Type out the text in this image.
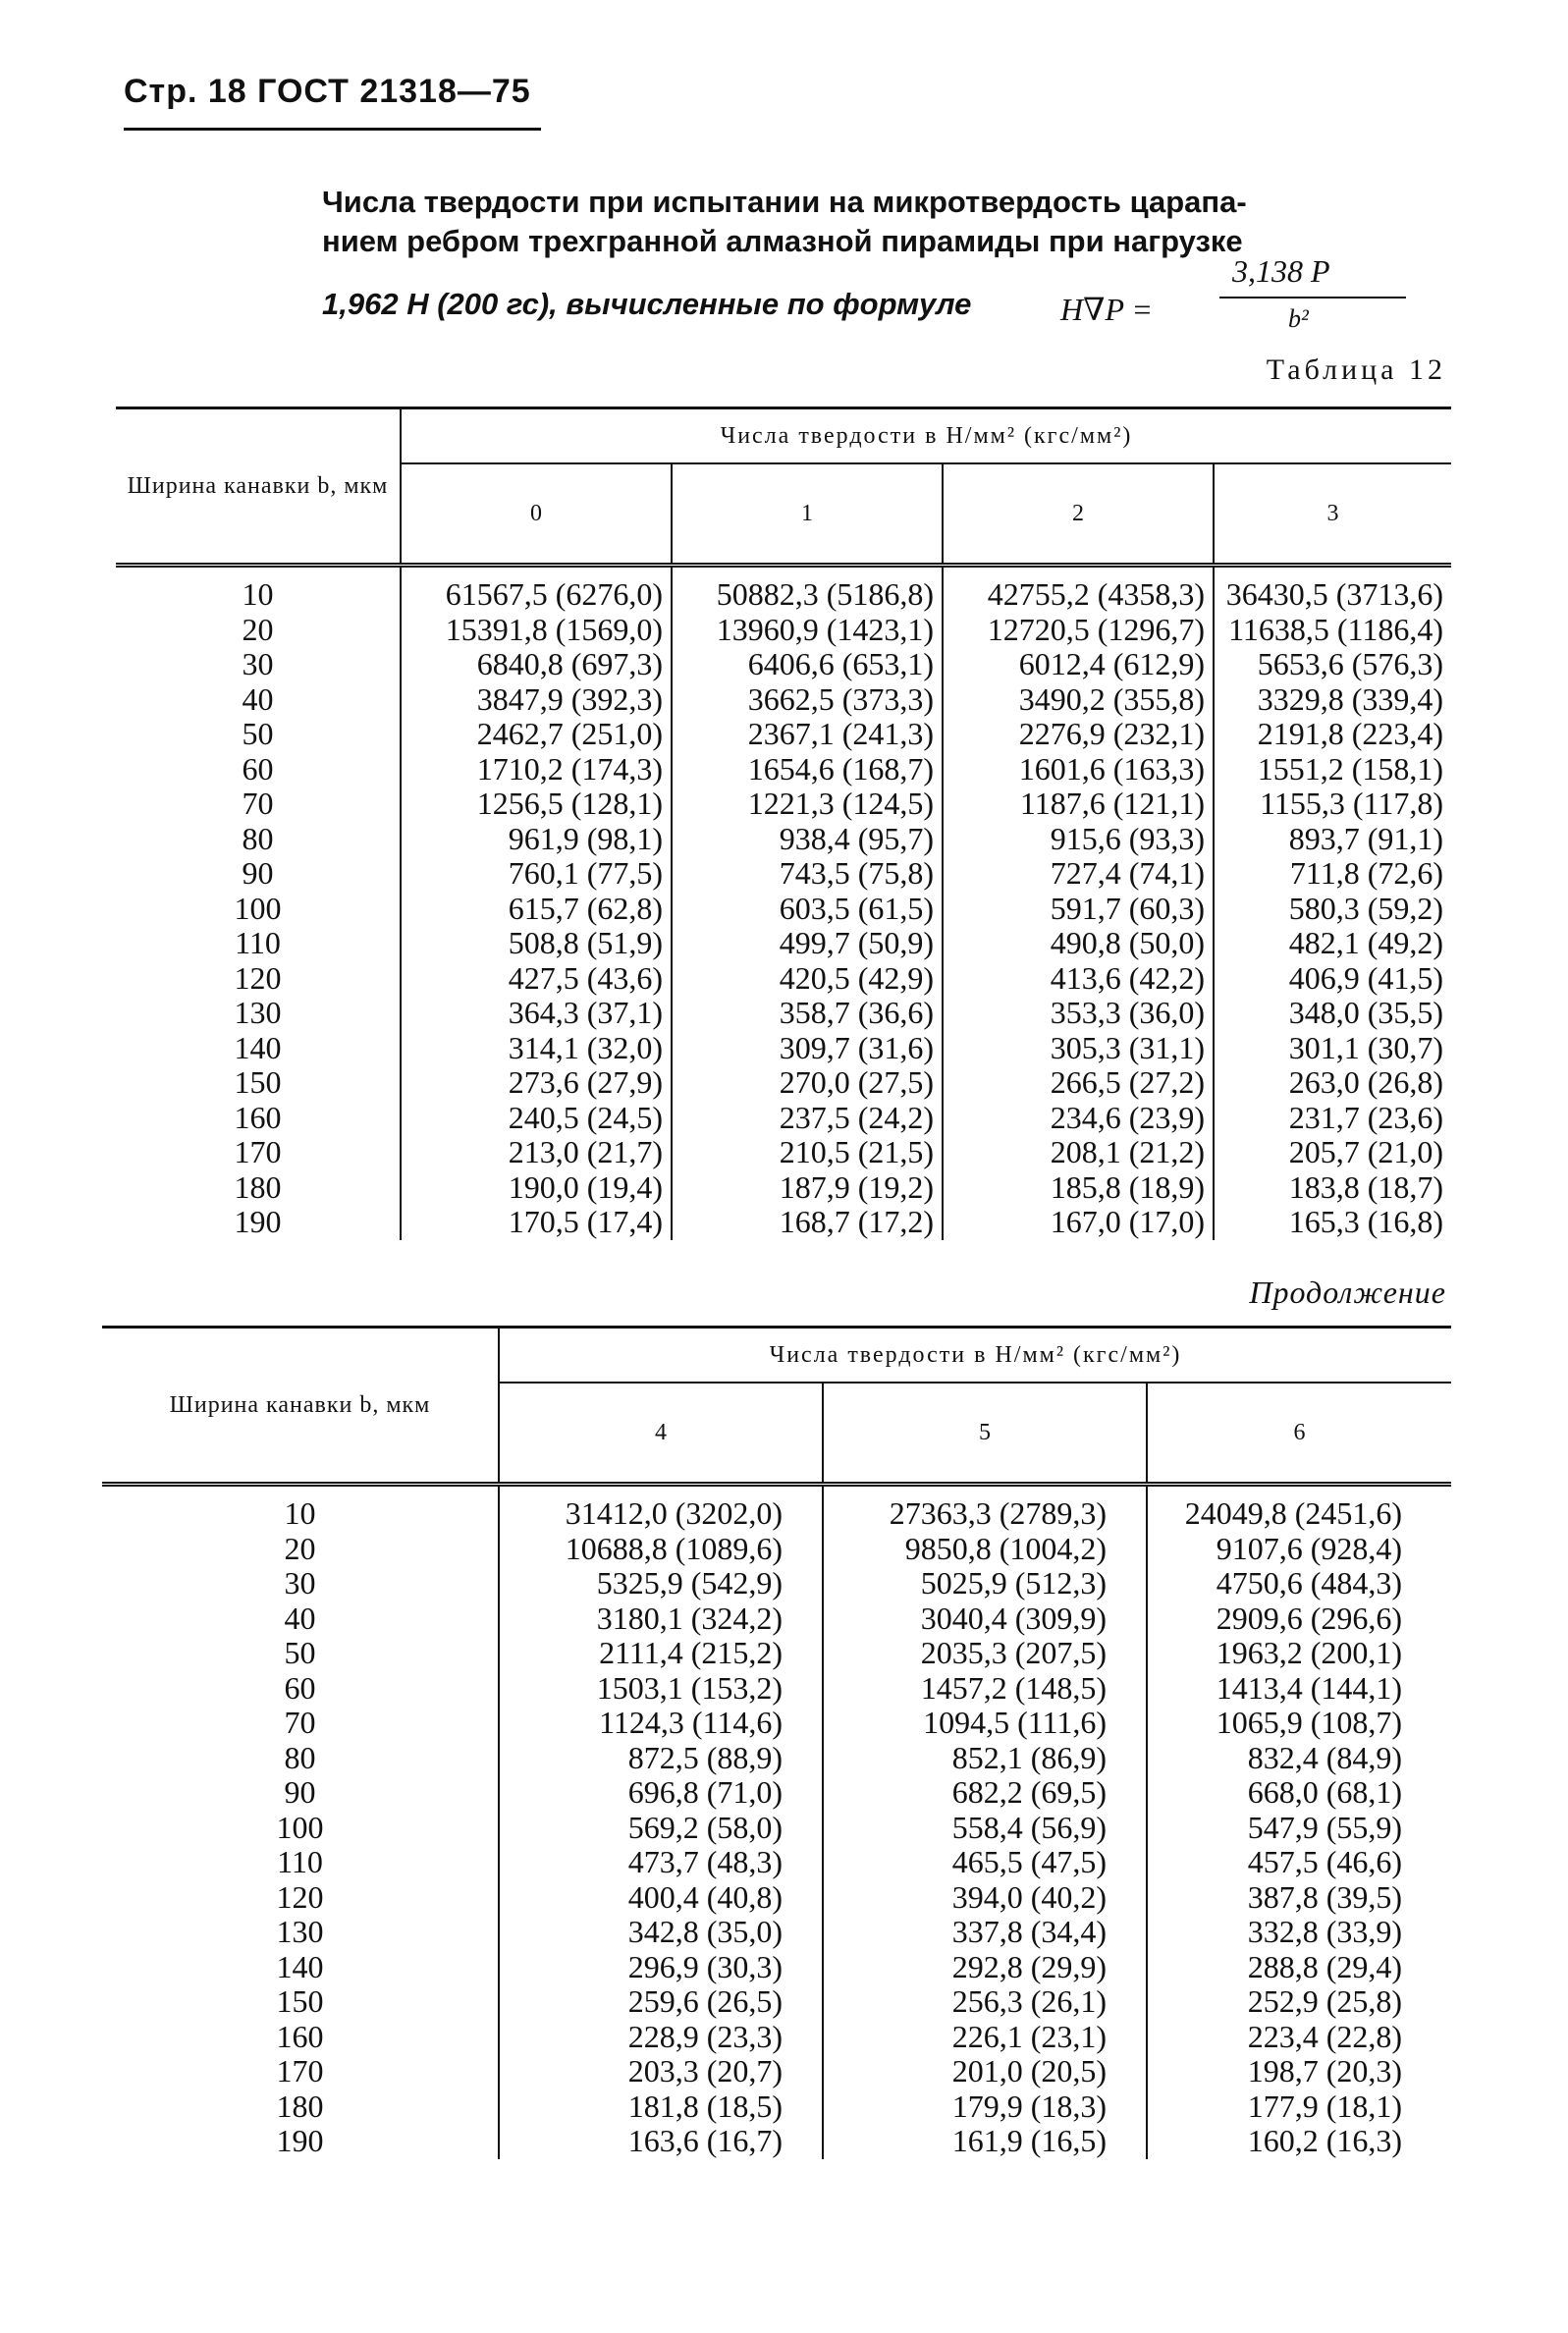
Стр. 18 ГОСТ 21318—75
Числа твердости при испытании на микротвердость царапа-
нием ребром трехгранной алмазной пирамиды при нагрузке
1,962 Н (200 гс), вычисленные по формуле	H∇P =
3,138 P
b²
Таблица 12
Ширина канавки b, мкм	Числа твердости в Н/мм² (кгс/мм²)			
	0	1	2	3

10	61567,5 (6276,0)	50882,3 (5186,8)	42755,2 (4358,3)	36430,5 (3713,6)
20	15391,8 (1569,0)	13960,9 (1423,1)	12720,5 (1296,7)	11638,5 (1186,4)
30	6840,8 (697,3)	6406,6 (653,1)	6012,4 (612,9)	5653,6 (576,3)
40	3847,9 (392,3)	3662,5 (373,3)	3490,2 (355,8)	3329,8 (339,4)
50	2462,7 (251,0)	2367,1 (241,3)	2276,9 (232,1)	2191,8 (223,4)
60	1710,2 (174,3)	1654,6 (168,7)	1601,6 (163,3)	1551,2 (158,1)
70	1256,5 (128,1)	1221,3 (124,5)	1187,6 (121,1)	1155,3 (117,8)
80	961,9 (98,1)	938,4 (95,7)	915,6 (93,3)	893,7 (91,1)
90	760,1 (77,5)	743,5 (75,8)	727,4 (74,1)	711,8 (72,6)
100	615,7 (62,8)	603,5 (61,5)	591,7 (60,3)	580,3 (59,2)
110	508,8 (51,9)	499,7 (50,9)	490,8 (50,0)	482,1 (49,2)
120	427,5 (43,6)	420,5 (42,9)	413,6 (42,2)	406,9 (41,5)
130	364,3 (37,1)	358,7 (36,6)	353,3 (36,0)	348,0 (35,5)
140	314,1 (32,0)	309,7 (31,6)	305,3 (31,1)	301,1 (30,7)
150	273,6 (27,9)	270,0 (27,5)	266,5 (27,2)	263,0 (26,8)
160	240,5 (24,5)	237,5 (24,2)	234,6 (23,9)	231,7 (23,6)
170	213,0 (21,7)	210,5 (21,5)	208,1 (21,2)	205,7 (21,0)
180	190,0 (19,4)	187,9 (19,2)	185,8 (18,9)	183,8 (18,7)
190	170,5 (17,4)	168,7 (17,2)	167,0 (17,0)	165,3 (16,8)
Продолжение
Ширина канавки b, мкм	Числа твердости в Н/мм² (кгс/мм²)		
	4	5	6

10	31412,0 (3202,0)	27363,3 (2789,3)	24049,8 (2451,6)
20	10688,8 (1089,6)	9850,8 (1004,2)	9107,6 (928,4)
30	5325,9 (542,9)	5025,9 (512,3)	4750,6 (484,3)
40	3180,1 (324,2)	3040,4 (309,9)	2909,6 (296,6)
50	2111,4 (215,2)	2035,3 (207,5)	1963,2 (200,1)
60	1503,1 (153,2)	1457,2 (148,5)	1413,4 (144,1)
70	1124,3 (114,6)	1094,5 (111,6)	1065,9 (108,7)
80	872,5 (88,9)	852,1 (86,9)	832,4 (84,9)
90	696,8 (71,0)	682,2 (69,5)	668,0 (68,1)
100	569,2 (58,0)	558,4 (56,9)	547,9 (55,9)
110	473,7 (48,3)	465,5 (47,5)	457,5 (46,6)
120	400,4 (40,8)	394,0 (40,2)	387,8 (39,5)
130	342,8 (35,0)	337,8 (34,4)	332,8 (33,9)
140	296,9 (30,3)	292,8 (29,9)	288,8 (29,4)
150	259,6 (26,5)	256,3 (26,1)	252,9 (25,8)
160	228,9 (23,3)	226,1 (23,1)	223,4 (22,8)
170	203,3 (20,7)	201,0 (20,5)	198,7 (20,3)
180	181,8 (18,5)	179,9 (18,3)	177,9 (18,1)
190	163,6 (16,7)	161,9 (16,5)	160,2 (16,3)
